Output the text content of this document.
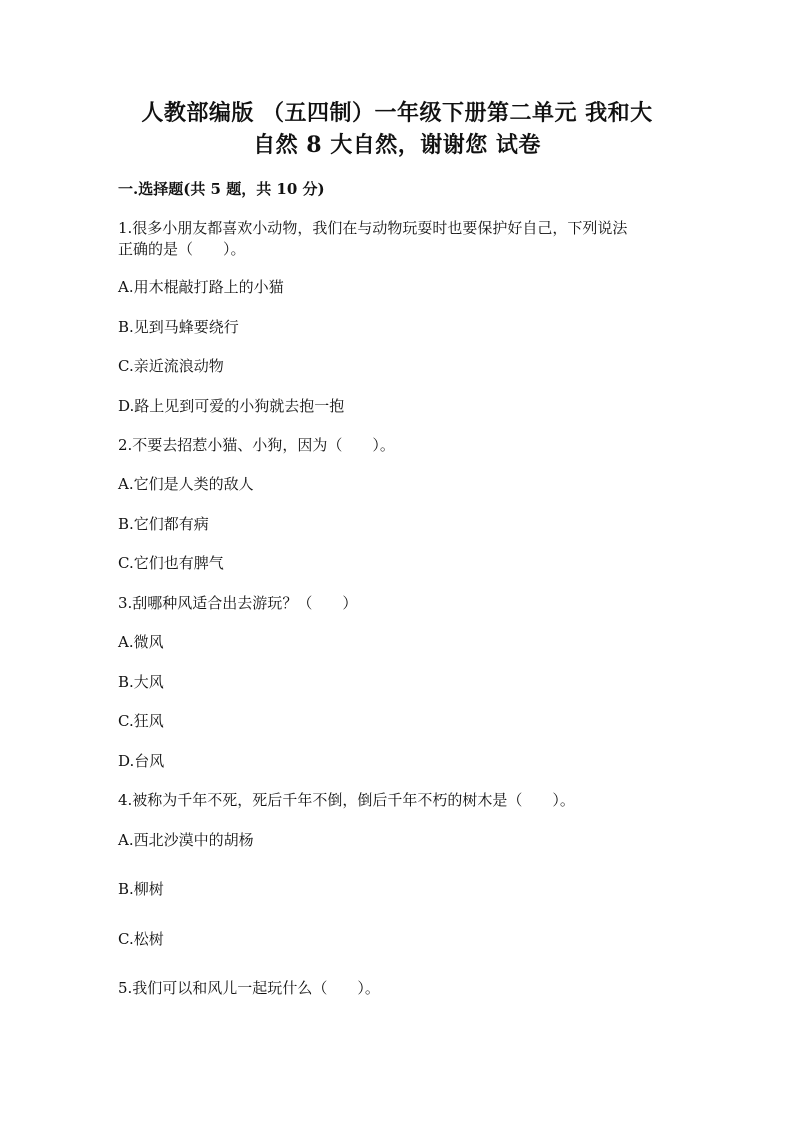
人教部编版 （五四制）一年级下册第二单元 我和大
自然 8 大自然，谢谢您 试卷
一.选择题(共 5 题，共 10 分)
1.很多小朋友都喜欢小动物，我们在与动物玩耍时也要保护好自己，下列说法
正确的是（　　）。
A.用木棍敲打路上的小猫
B.见到马蜂要绕行
C.亲近流浪动物
D.路上见到可爱的小狗就去抱一抱
2.不要去招惹小猫、小狗，因为（　　）。
A.它们是人类的敌人
B.它们都有病
C.它们也有脾气
3.刮哪种风适合出去游玩？（　　）
A.微风
B.大风
C.狂风
D.台风
4.被称为千年不死，死后千年不倒，倒后千年不朽的树木是（　　）。
A.西北沙漠中的胡杨
B.柳树
C.松树
5.我们可以和风儿一起玩什么（　　）。
